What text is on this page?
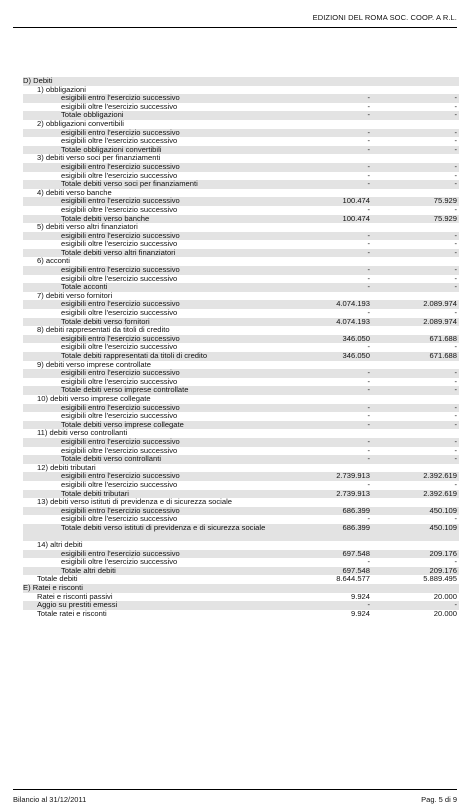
EDIZIONI DEL ROMA SOC. COOP. A R.L.
D) Debiti
1) obbligazioni
esigibili entro l'esercizio successivo	-	-
esigibili oltre l'esercizio successivo	-	-
Totale obbligazioni	-	-
2) obbligazioni convertibili
esigibili entro l'esercizio successivo	-	-
esigibili oltre l'esercizio successivo	-	-
Totale obbligazioni convertibili	-	-
3) debiti verso soci per finanziamenti
esigibili entro l'esercizio successivo	-	-
esigibili oltre l'esercizio successivo	-	-
Totale debiti verso soci per finanziamenti	-	-
4) debiti verso banche
esigibili entro l'esercizio successivo	100.474	75.929
esigibili oltre l'esercizio successivo	-	-
Totale debiti verso banche	100.474	75.929
5) debiti verso altri finanziatori
esigibili entro l'esercizio successivo	-	-
esigibili oltre l'esercizio successivo	-	-
Totale debiti verso altri finanziatori	-	-
6) acconti
esigibili entro l'esercizio successivo	-	-
esigibili oltre l'esercizio successivo	-	-
Totale acconti	-	-
7) debiti verso fornitori
esigibili entro l'esercizio successivo	4.074.193	2.089.974
esigibili oltre l'esercizio successivo	-	-
Totale debiti verso fornitori	4.074.193	2.089.974
8) debiti rappresentati da titoli di credito
esigibili entro l'esercizio successivo	346.050	671.688
esigibili oltre l'esercizio successivo	-	-
Totale debiti rappresentati da titoli di credito	346.050	671.688
9) debiti verso imprese controllate
esigibili entro l'esercizio successivo	-	-
esigibili oltre l'esercizio successivo	-	-
Totale debiti verso imprese controllate	-	-
10) debiti verso imprese collegate
esigibili entro l'esercizio successivo	-	-
esigibili oltre l'esercizio successivo	-	-
Totale debiti verso imprese collegate	-	-
11) debiti verso controllanti
esigibili entro l'esercizio successivo	-	-
esigibili oltre l'esercizio successivo	-	-
Totale debiti verso controllanti	-	-
12) debiti tributari
esigibili entro l'esercizio successivo	2.739.913	2.392.619
esigibili oltre l'esercizio successivo	-	-
Totale debiti tributari	2.739.913	2.392.619
13) debiti verso istituti di previdenza e di sicurezza sociale
esigibili entro l'esercizio successivo	686.399	450.109
esigibili oltre l'esercizio successivo	-	-
Totale debiti verso istituti di previdenza e di sicurezza sociale	686.399	450.109
14) altri debiti
esigibili entro l'esercizio successivo	697.548	209.176
esigibili oltre l'esercizio successivo	-	-
Totale altri debiti	697.548	209.176
Totale debiti	8.644.577	5.889.495
E) Ratei e risconti
Ratei e risconti passivi	9.924	20.000
Aggio su prestiti emessi	-	-
Totale ratei e risconti	9.924	20.000
Bilancio al 31/12/2011	Pag. 5 di 9
